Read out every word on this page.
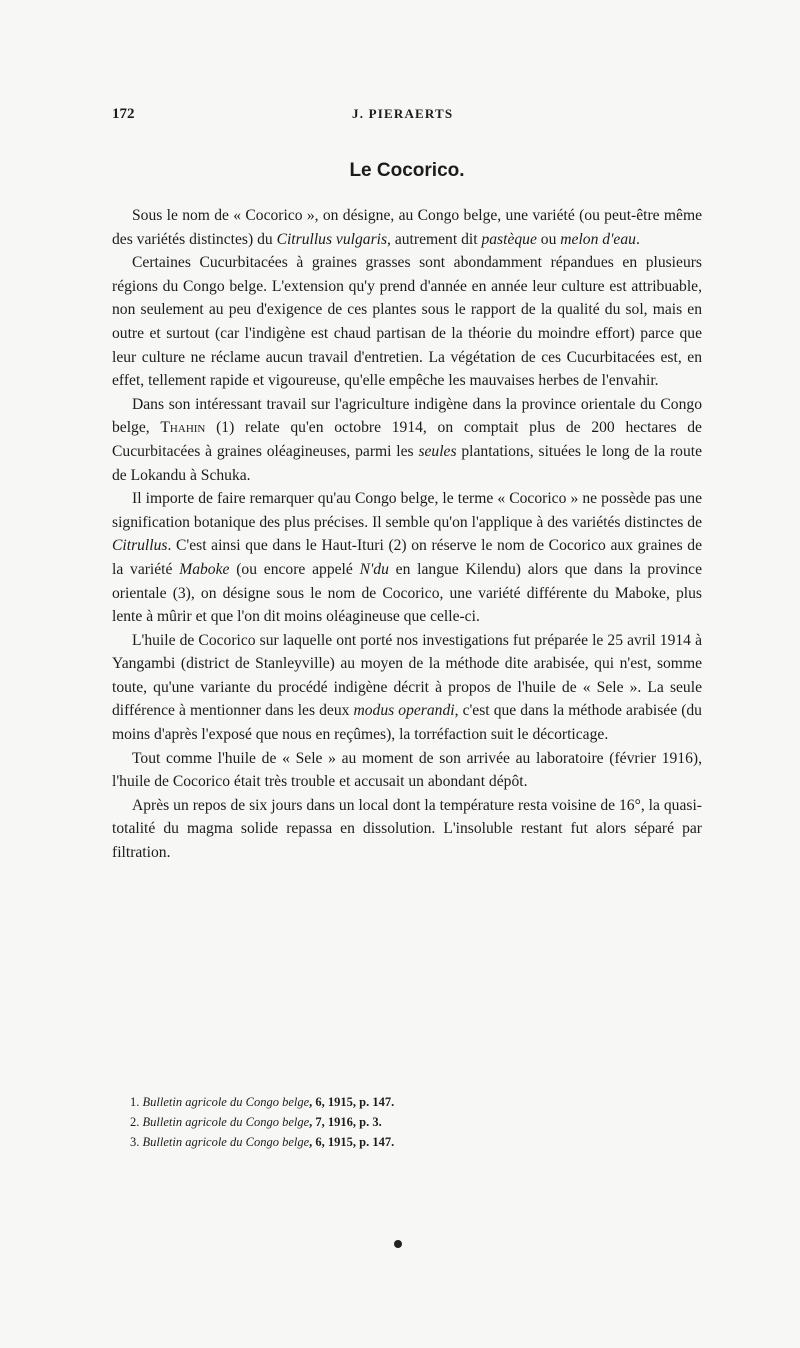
172	J. PIERAERTS
Le Cocorico.

Sous le nom de « Cocorico », on désigne, au Congo belge, une variété (ou peut-être même des variétés distinctes) du Citrullus vulgaris, autrement dit pastèque ou melon d'eau.

Certaines Cucurbitacées à graines grasses sont abondamment répandues en plusieurs régions du Congo belge. L'extension qu'y prend d'année en année leur culture est attribuable, non seulement au peu d'exigence de ces plantes sous le rapport de la qualité du sol, mais en outre et surtout (car l'indigène est chaud partisan de la théorie du moindre effort) parce que leur culture ne réclame aucun travail d'entretien. La végétation de ces Cucurbitacées est, en effet, tellement rapide et vigoureuse, qu'elle empêche les mauvaises herbes de l'envahir.

Dans son intéressant travail sur l'agriculture indigène dans la province orientale du Congo belge, Thahin (1) relate qu'en octobre 1914, on comptait plus de 200 hectares de Cucurbitacées à graines oléagineuses, parmi les seules plantations, situées le long de la route de Lokandu à Schuka.

Il importe de faire remarquer qu'au Congo belge, le terme « Cocorico » ne possède pas une signification botanique des plus précises. Il semble qu'on l'applique à des variétés distinctes de Citrullus. C'est ainsi que dans le Haut-Ituri (2) on réserve le nom de Cocorico aux graines de la variété Maboke (ou encore appelé N'du en langue Kilendu) alors que dans la province orientale (3), on désigne sous le nom de Cocorico, une variété différente du Maboke, plus lente à mûrir et que l'on dit moins oléagineuse que celle-ci.

L'huile de Cocorico sur laquelle ont porté nos investigations fut préparée le 25 avril 1914 à Yangambi (district de Stanleyville) au moyen de la méthode dite arabisée, qui n'est, somme toute, qu'une variante du procédé indigène décrit à propos de l'huile de « Sele ». La seule différence à mentionner dans les deux modus operandi, c'est que dans la méthode arabisée (du moins d'après l'exposé que nous en reçûmes), la torréfaction suit le décorticage.

Tout comme l'huile de « Sele » au moment de son arrivée au laboratoire (février 1916), l'huile de Cocorico était très trouble et accusait un abondant dépôt.

Après un repos de six jours dans un local dont la température resta voisine de 16°, la quasi-totalité du magma solide repassa en dissolution. L'insoluble restant fut alors séparé par filtration.

1. Bulletin agricole du Congo belge, 6, 1915, p. 147.
2. Bulletin agricole du Congo belge, 7, 1916, p. 3.
3. Bulletin agricole du Congo belge, 6, 1915, p. 147.
